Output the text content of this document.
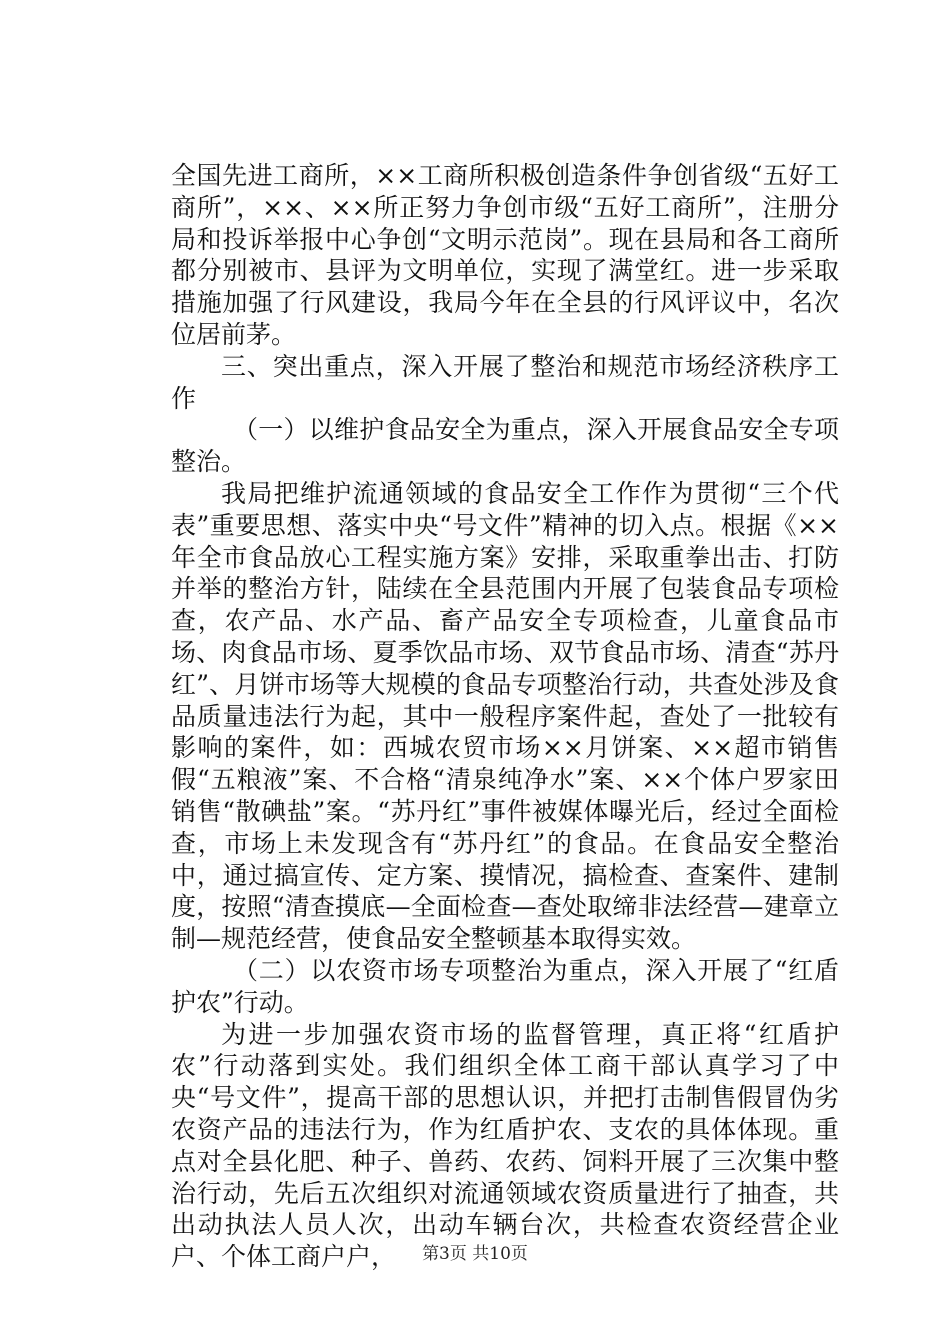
全国先进工商所，××工商所积极创造条件争创省级“五好工商所”，××、××所正努力争创市级“五好工商所”，注册分局和投诉举报中心争创“文明示范岗”。现在县局和各工商所都分别被市、县评为文明单位，实现了满堂红。进一步采取措施加强了行风建设，我局今年在全县的行风评议中，名次位居前茅。

三、突出重点，深入开展了整治和规范市场经济秩序工作

（一）以维护食品安全为重点，深入开展食品安全专项整治。

我局把维护流通领域的食品安全工作作为贯彻“三个代表”重要思想、落实中央“号文件”精神的切入点。根据《××年全市食品放心工程实施方案》安排，采取重拳出击、打防并举的整治方针，陆续在全县范围内开展了包装食品专项检查，农产品、水产品、畜产品安全专项检查，儿童食品市场、肉食品市场、夏季饮品市场、双节食品市场、清查“苏丹红”、月饼市场等大规模的食品专项整治行动，共查处涉及食品质量违法行为起，其中一般程序案件起，查处了一批较有影响的案件，如：西城农贸市场××月饼案、××超市销售假“五粮液”案、不合格“清泉纯净水”案、××个体户罗家田销售“散碘盐”案。“苏丹红”事件被媒体曝光后，经过全面检查，市场上未发现含有“苏丹红”的食品。在食品安全整治中，通过搞宣传、定方案、摸情况，搞检查、查案件、建制度，按照“清查摸底—全面检查—查处取缔非法经营—建章立制—规范经营，使食品安全整顿基本取得实效。

（二）以农资市场专项整治为重点，深入开展了“红盾护农”行动。

为进一步加强农资市场的监督管理，真正将“红盾护农”行动落到实处。我们组织全体工商干部认真学习了中央“号文件”，提高干部的思想认识，并把打击制售假冒伪劣农资产品的违法行为，作为红盾护农、支农的具体体现。重点对全县化肥、种子、兽药、农药、饲料开展了三次集中整治行动，先后五次组织对流通领域农资质量进行了抽查，共出动执法人员人次，出动车辆台次，共检查农资经营企业户、个体工商户户，	第3页 共10页
